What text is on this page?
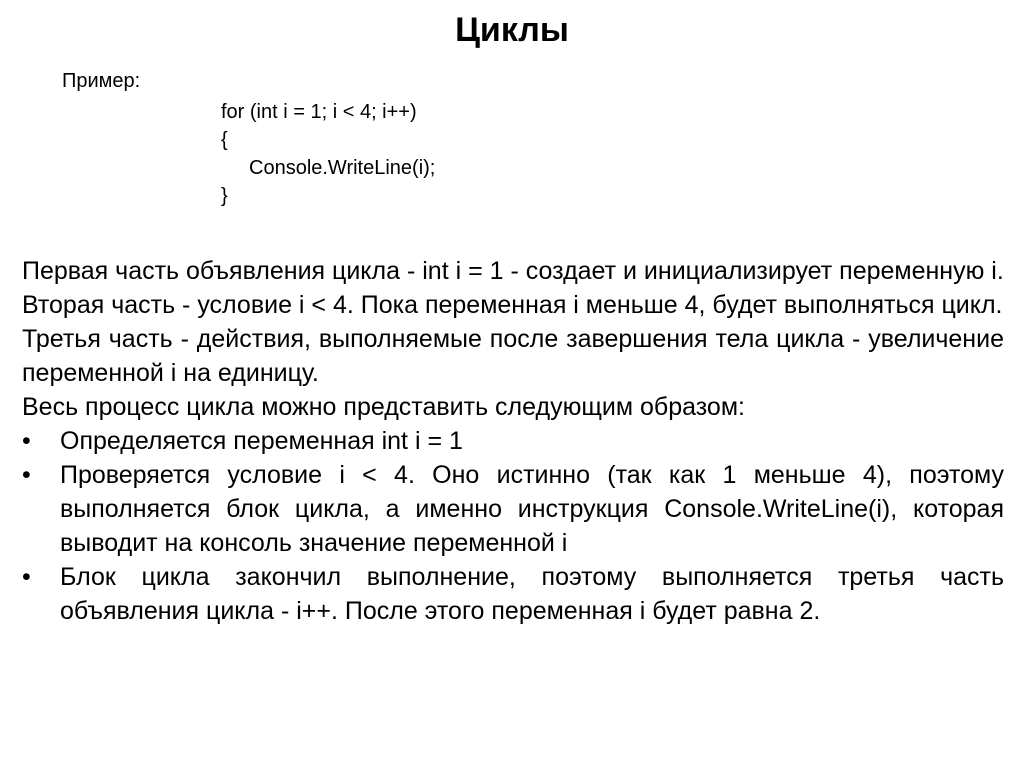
Циклы
Пример:
for (int i = 1; i < 4; i++)
{
Console.WriteLine(i);
}

Первая часть объявления цикла - int i = 1 - создает и инициализирует переменную i.

Вторая часть - условие i < 4. Пока переменная i меньше 4, будет выполняться цикл.

Третья часть - действия, выполняемые после завершения тела цикла - увеличение переменной i на единицу.

Весь процесс цикла можно представить следующим образом:

•	Определяется переменная int i = 1
•	Проверяется условие i < 4. Оно истинно (так как 1 меньше 4), поэтому выполняется блок цикла, а именно инструкция Console.WriteLine(i), которая выводит на консоль значение переменной i
•	Блок цикла закончил выполнение, поэтому выполняется третья часть объявления цикла - i++. После этого переменная i будет равна 2.
